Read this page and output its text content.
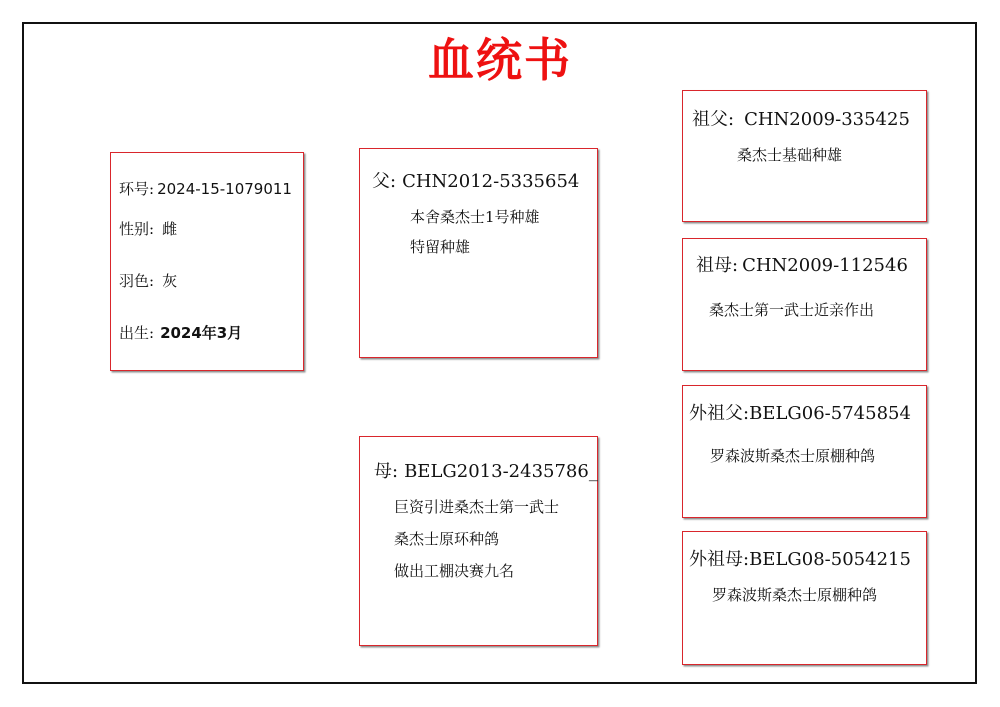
血统书
环号: 2024-15-1079011
性别: 雌
羽色: 灰
出生: 2024年3月
父: CHN2012-5335654
本舍桑杰士1号种雄
特留种雄
母: BELG2013-2435786_
巨资引进桑杰士第一武士
桑杰士原环种鸽
做出工棚决赛九名
祖父: CHN2009-335425
桑杰士基础种雄
祖母: CHN2009-112546
桑杰士第一武士近亲作出
外祖父:BELG06-5745854
罗森波斯桑杰士原棚种鸽
外祖母:BELG08-5054215
罗森波斯桑杰士原棚种鸽
